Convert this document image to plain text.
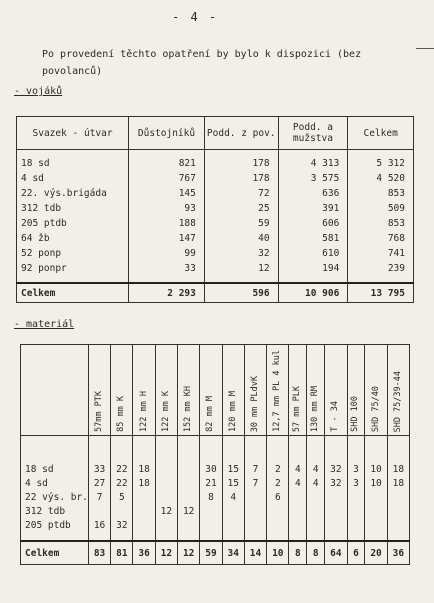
- 4 -
Po provedení těchto opatření by bylo k dispozici (bez povolanců)
- vojáků
Svazek - útvar	Důstojníků	Podd. z pov.	Podd. a mužstva	Celkem
18 sd	821	178	4 313	5 312
4 sd	767	178	3 575	4 520
22. výs.brigáda	145	72	636	853
312 tdb	93	25	391	509
205 ptdb	188	59	606	853
64 žb	147	40	581	768
52 ponp	99	32	610	741
92 ponpr	33	12	194	239
Celkem	2 293	596	10 906	13 795
- materiál
	57mm PTK	85 mm K	122 mm H	122 mm K	152 mm KH	82 mm M	120 mm M	30 mm PLdvK	12,7 mm PL 4 kul	57 mm PLK	130 mm RM	T - 34	SHD 100	SHD 75/40	SHD 75/39-44

18 sd	33	22	18			30	15	7	2	4	4	32	3	10	18
4 sd	27	22	18			21	15	7	2	4	4	32	3	10	18
22 výs. br.	7	5				8	4		6						
312 tdb				12	12										
205 ptdb	16	32													

Celkem	83	81	36	12	12	59	34	14	10	8	8	64	6	20	36
